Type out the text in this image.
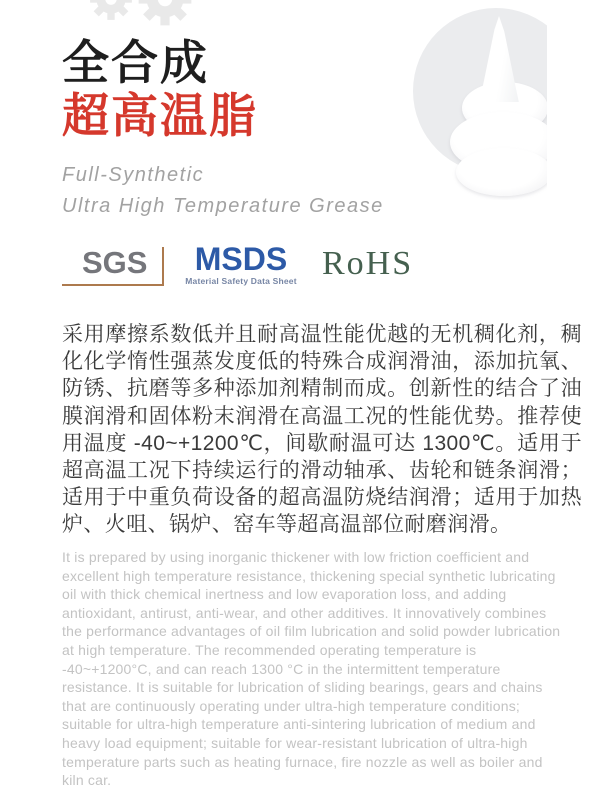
全合成
超高温脂
Full-Synthetic
Ultra High Temperature Grease
SGS	MSDS
Material Safety Data Sheet RoHS

采用摩擦系数低并且耐高温性能优越的无机稠化剂，稠化化学惰性强蒸发度低的特殊合成润滑油，添加抗氧、防锈、抗磨等多种添加剂精制而成。创新性的结合了油膜润滑和固体粉末润滑在高温工况的性能优势。推荐使用温度 -40~+1200℃，间歇耐温可达 1300℃。适用于超高温工况下持续运行的滑动轴承、齿轮和链条润滑；适用于中重负荷设备的超高温防烧结润滑；适用于加热炉、火咀、锅炉、窑车等超高温部位耐磨润滑。

It is prepared by using inorganic thickener with low friction coefficient and excellent high temperature resistance, thickening special synthetic lubricating oil with thick chemical inertness and low evaporation loss, and adding antioxidant, antirust, anti-wear, and other additives. It innovatively combines the performance advantages of oil film lubrication and solid powder lubrication at high temperature. The recommended operating temperature is -40~+1200°C, and can reach 1300 °C in the intermittent temperature resistance. It is suitable for lubrication of sliding bearings, gears and chains that are continuously operating under ultra-high temperature conditions; suitable for ultra-high temperature anti-sintering lubrication of medium and heavy load equipment; suitable for wear-resistant lubrication of ultra-high temperature parts such as heating furnace, fire nozzle as well as boiler and kiln car.
